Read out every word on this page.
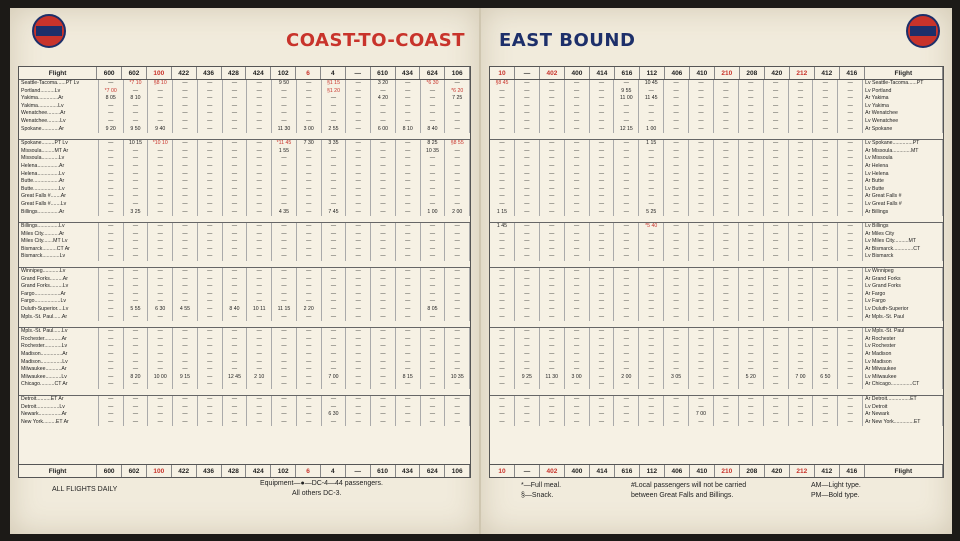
COAST-TO-COAST
Flight	600	602	100	422	436	428	424	102	6	4	—	610	434	624	106
Seattle-Tacoma......PT Lv	—	*7 10	§8 10	—	—	—	—	9 50	—	§1 15	—	3 20	—	*6 30	—
Portland..........Lv	*7 00	—	—	—	—	—	—	—	—	§1 20	—	—	—	—	*6 20
Yakima..............Ar	8 05	8 10	—	—	—	—	—	—	—	—	—	4 20	—	—	7 25
Yakima..............Lv	—	—	—	—	—	—	—	—	—	—	—	—	—	—	—
Wenatchee.........Ar	—	—	—	—	—	—	—	—	—	—	—	—	—	—	—
Wenatchee.........Lv	—	—	—	—	—	—	—	—	—	—	—	—	—	—	—
Spokane............Ar	9 20	9 50	9 40	—	—	—	—	11 30	3 00	2 55	—	6 00	8 10	8 40	—
Spokane.........PT Lv	—	10 15	*10 10	—	—	—	—	*11 45	7 30	3 35	—	—	—	8 25	§8 55
Missoula.........MT Ar	—	—	—	—	—	—	—	1 55	—	—	—	—	—	10 35	—
Missoula............Lv	—	—	—	—	—	—	—	—	—	—	—	—	—	—	—
Helena...............Ar	—	—	—	—	—	—	—	—	—	—	—	—	—	—	—
Helena...............Lv	—	—	—	—	—	—	—	—	—	—	—	—	—	—	—
Butte..................Ar	—	—	—	—	—	—	—	—	—	—	—	—	—	—	—
Butte..................Lv	—	—	—	—	—	—	—	—	—	—	—	—	—	—	—
Great Falls #.......Ar	—	—	—	—	—	—	—	—	—	—	—	—	—	—	—
Great Falls #.......Lv	—	—	—	—	—	—	—	—	—	—	—	—	—	—	—
Billings...............Ar	—	3 25	—	—	—	—	—	4 35	—	7 45	—	—	—	1 00	2 00
Billings...............Lv	—	—	—	—	—	—	—	—	—	—	—	—	—	—	—
Miles City...........Ar	—	—	—	—	—	—	—	—	—	—	—	—	—	—	—
Miles City.......MT Lv	—	—	—	—	—	—	—	—	—	—	—	—	—	—	—
Bismarck..........CT Ar	—	—	—	—	—	—	—	—	—	—	—	—	—	—	—
Bismarck............Lv	—	—	—	—	—	—	—	—	—	—	—	—	—	—	—
Winnipeg............Lv	—	—	—	—	—	—	—	—	—	—	—	—	—	—	—
Grand Forks.........Ar	—	—	—	—	—	—	—	—	—	—	—	—	—	—	—
Grand Forks.........Lv	—	—	—	—	—	—	—	—	—	—	—	—	—	—	—
Fargo..................Ar	—	—	—	—	—	—	—	—	—	—	—	—	—	—	—
Fargo..................Lv	—	—	—	—	—	—	—	—	—	—	—	—	—	—	—
Duluth-Superior....Lv	—	5 55	6 30	4 55	—	8 40	10 11	11 15	2 20	—	—	—	—	8 05	—
Mpls.-St. Paul......Ar	—	—	—	—	—	—	—	—	—	—	—	—	—	—	—
Mpls.-St. Paul......Lv	—	—	—	—	—	—	—	—	—	—	—	—	—	—	—
Rochester............Ar	—	—	—	—	—	—	—	—	—	—	—	—	—	—	—
Rochester............Lv	—	—	—	—	—	—	—	—	—	—	—	—	—	—	—
Madison...............Ar	—	—	—	—	—	—	—	—	—	—	—	—	—	—	—
Madison...............Lv	—	—	—	—	—	—	—	—	—	—	—	—	—	—	—
Milwaukee...........Ar	—	—	—	—	—	—	—	—	—	—	—	—	—	—	—
Milwaukee...........Lv	—	8 20	10 00	9 15	—	12 45	2 10	—	—	7 00	—	—	8 15	—	10 35
Chicago..........CT Ar	—	—	—	—	—	—	—	—	—	—	—	—	—	—	—
Detroit..........ET Ar	—	—	—	—	—	—	—	—	—	—	—	—	—	—	—
Detroit................Lv	—	—	—	—	—	—	—	—	—	—	—	—	—	—	—
Newark................Ar	—	—	—	—	—	—	—	—	—	6 30	—	—	—	—	—
New York.........ET Ar	—	—	—	—	—	—	—	—	—	—	—	—	—	—	—
Flight	600	602	100	422	436	428	424	102	6	4	—	610	434	624	106
ALL FLIGHTS DAILY
Equipment—●—DC-4—44 passengers.
All others DC-3.
EAST BOUND
10	—	402	400	414	616	112	406	410	210	208	420	212	412	416	Flight
§8 45	—	—	—	—	—	10 45	—	—	—	—	—	—	—	—	Lv Seattle-Tacoma......PT
—	—	—	—	—	9 55	—	—	—	—	—	—	—	—	—	Lv Portland
—	—	—	—	—	11 00	11 45	—	—	—	—	—	—	—	—	Ar Yakima
—	—	—	—	—	—	—	—	—	—	—	—	—	—	—	Lv Yakima
—	—	—	—	—	—	—	—	—	—	—	—	—	—	—	Ar Wenatchee
—	—	—	—	—	—	—	—	—	—	—	—	—	—	—	Lv Wenatchee
—	—	—	—	—	12 15	1 00	—	—	—	—	—	—	—	—	Ar Spokane
—	—	—	—	—	—	1 15	—	—	—	—	—	—	—	—	Lv Spokane..............PT
—	—	—	—	—	—	—	—	—	—	—	—	—	—	—	Ar Missoula.............MT
—	—	—	—	—	—	—	—	—	—	—	—	—	—	—	Lv Missoula
—	—	—	—	—	—	—	—	—	—	—	—	—	—	—	Ar Helena
—	—	—	—	—	—	—	—	—	—	—	—	—	—	—	Lv Helena
—	—	—	—	—	—	—	—	—	—	—	—	—	—	—	Ar Butte
—	—	—	—	—	—	—	—	—	—	—	—	—	—	—	Lv Butte
—	—	—	—	—	—	—	—	—	—	—	—	—	—	—	Ar Great Falls #
—	—	—	—	—	—	—	—	—	—	—	—	—	—	—	Lv Great Falls #
1 15	—	—	—	—	—	5 25	—	—	—	—	—	—	—	—	Ar Billings
1 45	—	—	—	—	—	*5 40	—	—	—	—	—	—	—	—	Lv Billings
—	—	—	—	—	—	—	—	—	—	—	—	—	—	—	Ar Miles City
—	—	—	—	—	—	—	—	—	—	—	—	—	—	—	Lv Miles City..........MT
—	—	—	—	—	—	—	—	—	—	—	—	—	—	—	Ar Bismarck..............CT
—	—	—	—	—	—	—	—	—	—	—	—	—	—	—	Lv Bismarck
—	—	—	—	—	—	—	—	—	—	—	—	—	—	—	Lv Winnipeg
—	—	—	—	—	—	—	—	—	—	—	—	—	—	—	Ar Grand Forks
—	—	—	—	—	—	—	—	—	—	—	—	—	—	—	Lv Grand Forks
—	—	—	—	—	—	—	—	—	—	—	—	—	—	—	Ar Fargo
—	—	—	—	—	—	—	—	—	—	—	—	—	—	—	Lv Fargo
—	—	—	—	—	—	—	—	—	—	—	—	—	—	—	Lv Duluth-Superior
—	—	—	—	—	—	—	—	—	—	—	—	—	—	—	Ar Mpls.-St. Paul
—	—	—	—	—	—	—	—	—	—	—	—	—	—	—	Lv Mpls.-St. Paul
—	—	—	—	—	—	—	—	—	—	—	—	—	—	—	Ar Rochester
—	—	—	—	—	—	—	—	—	—	—	—	—	—	—	Lv Rochester
—	—	—	—	—	—	—	—	—	—	—	—	—	—	—	Ar Madison
—	—	—	—	—	—	—	—	—	—	—	—	—	—	—	Lv Madison
—	—	—	—	—	—	—	—	—	—	—	—	—	—	—	Ar Milwaukee
—	9 25	11 30	3 00	—	2 00	—	3 05	—	—	5 20	—	7 00	6 50	—	Lv Milwaukee
—	—	—	—	—	—	—	—	—	—	—	—	—	—	—	Ar Chicago...............CT
—	—	—	—	—	—	—	—	—	—	—	—	—	—	—	Ar Detroit................ET
—	—	—	—	—	—	—	—	—	—	—	—	—	—	—	Lv Detroit
—	—	—	—	—	—	—	—	7 00	—	—	—	—	—	—	Ar Newark
—	—	—	—	—	—	—	—	—	—	—	—	—	—	—	Ar New York..............ET
10	—	402	400	414	616	112	406	410	210	208	420	212	412	416	Flight
*—Full meal.
§—Snack.
#Local passengers will not be carried
between Great Falls and Billings.
AM—Light type.
PM—Bold type.
